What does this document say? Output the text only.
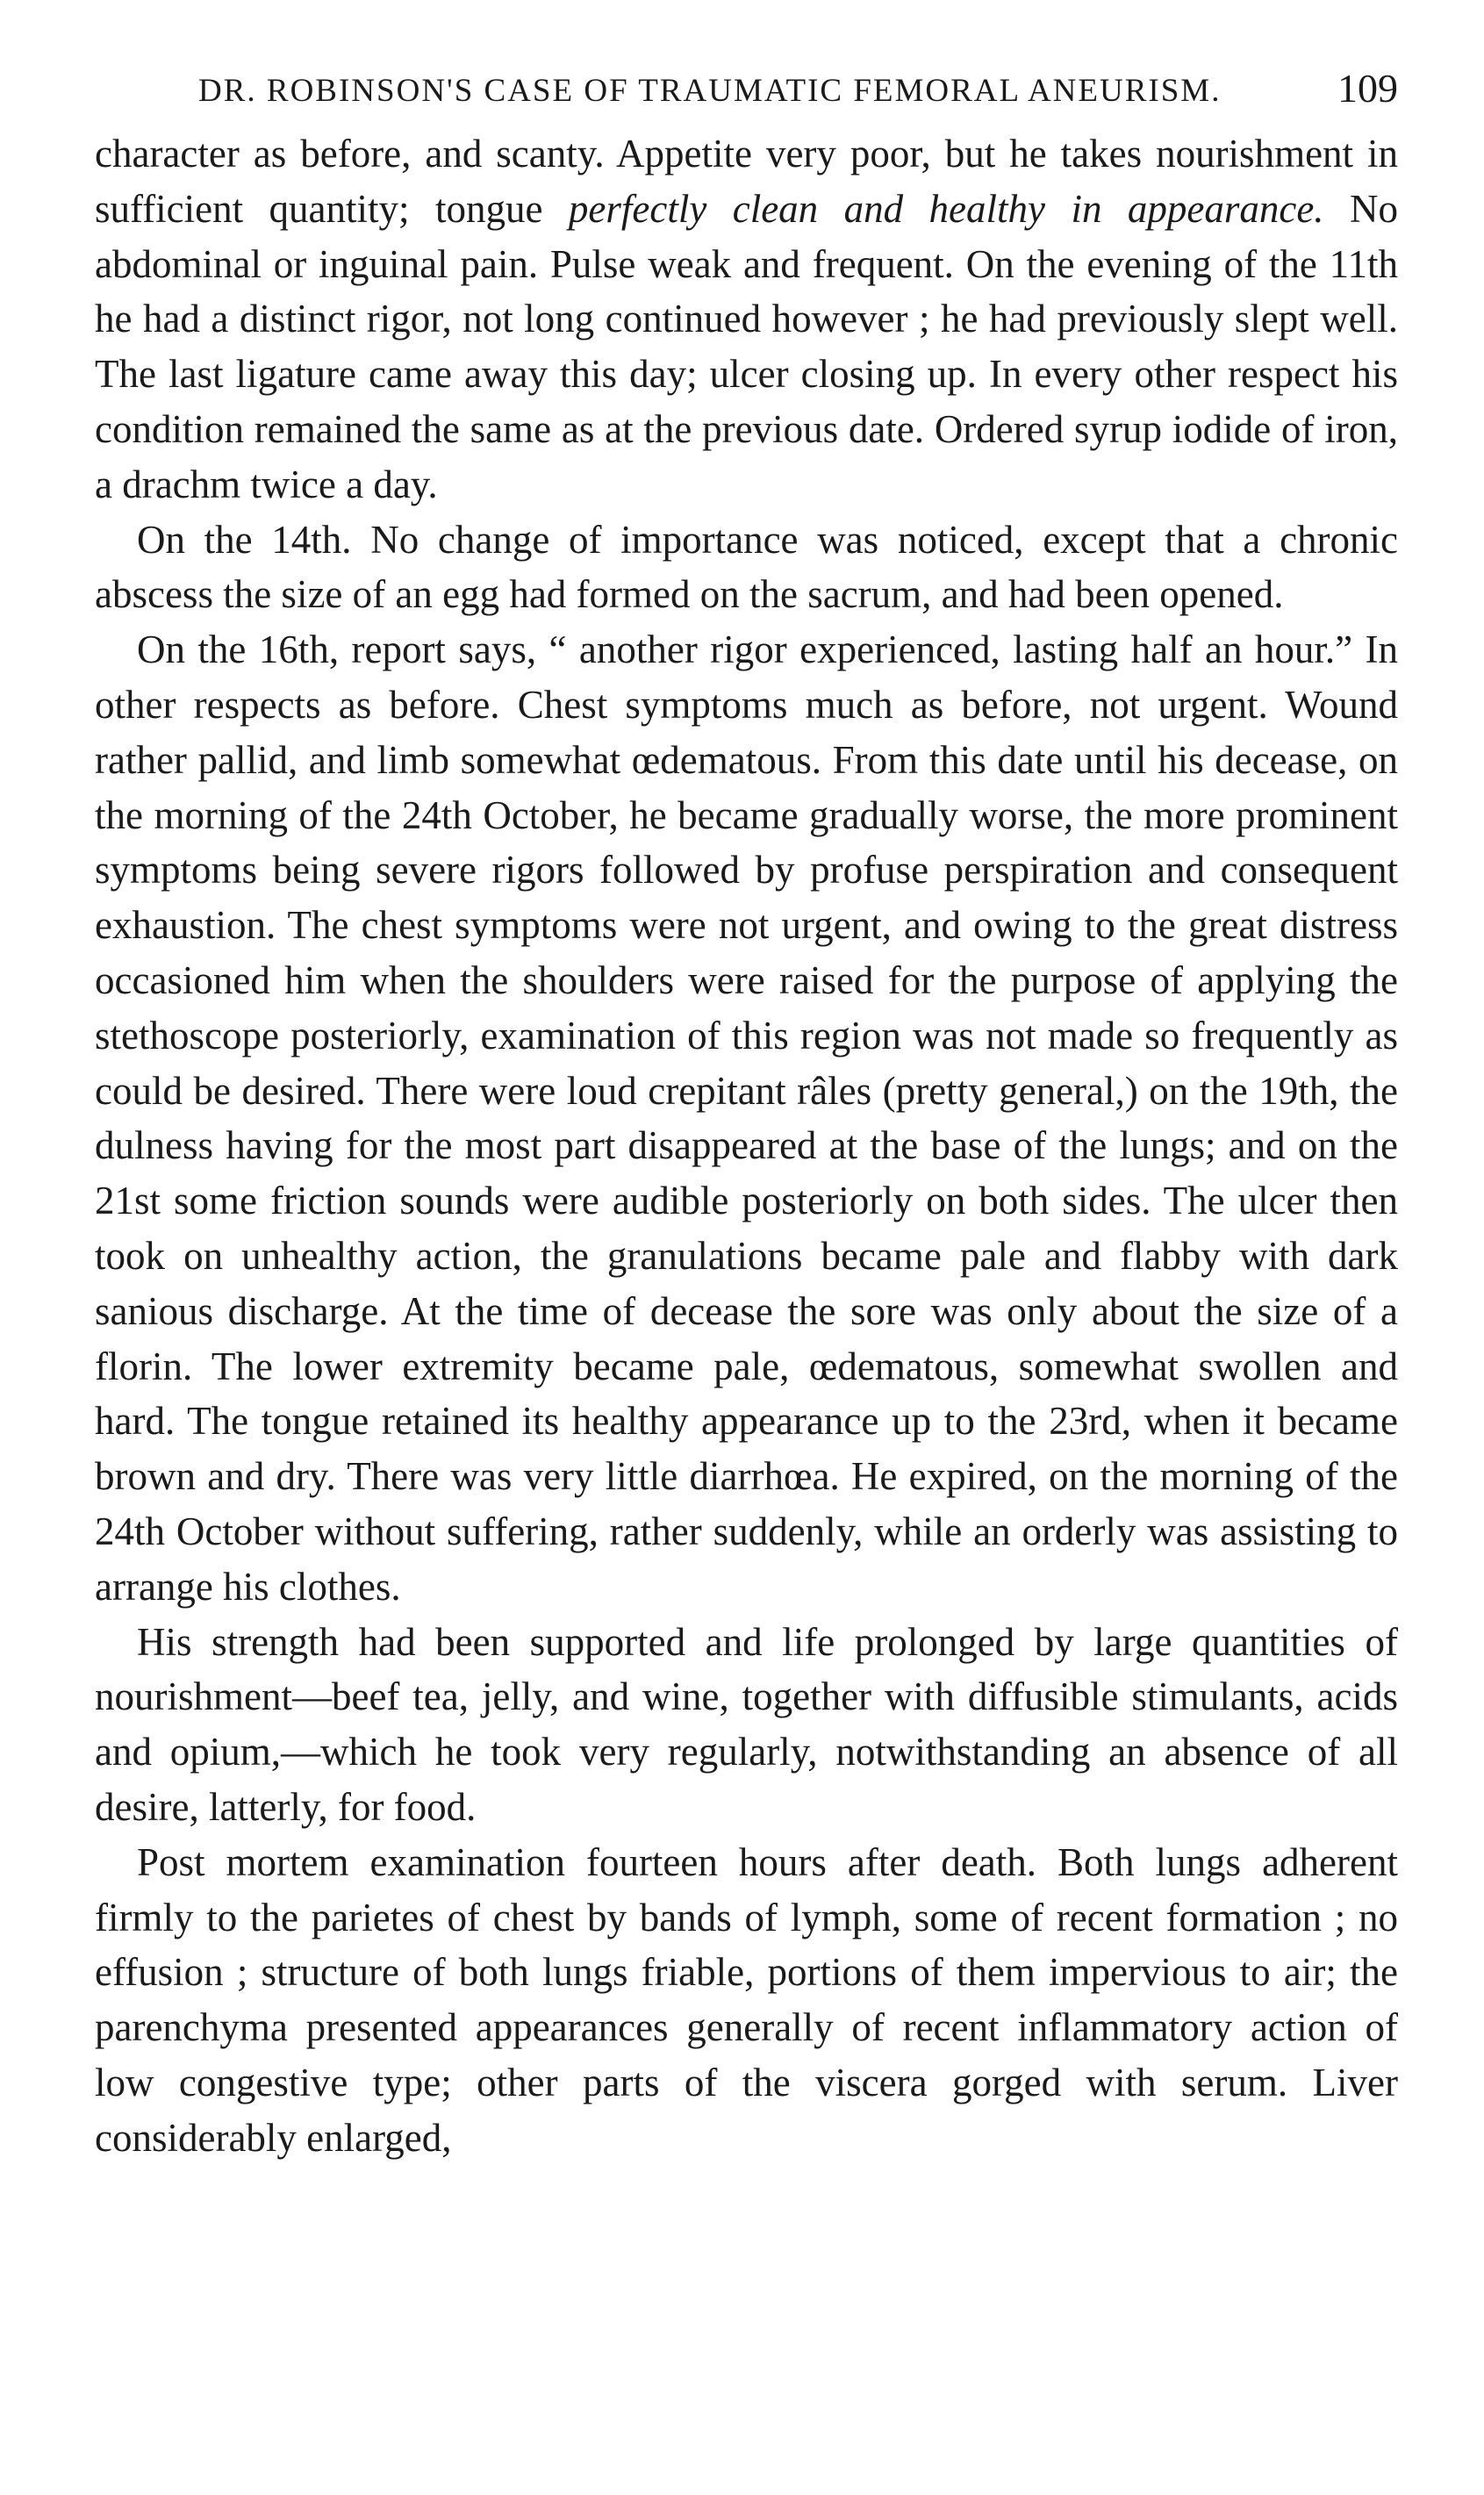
DR. ROBINSON'S CASE OF TRAUMATIC FEMORAL ANEURISM.	109

character as before, and scanty. Appetite very poor, but he takes nourishment in sufficient quantity; tongue perfectly clean and healthy in appearance. No abdominal or inguinal pain. Pulse weak and frequent. On the evening of the 11th he had a distinct rigor, not long continued however ; he had previously slept well. The last ligature came away this day; ulcer closing up. In every other respect his condition remained the same as at the previous date. Ordered syrup iodide of iron, a drachm twice a day.

On the 14th. No change of importance was noticed, except that a chronic abscess the size of an egg had formed on the sacrum, and had been opened.

On the 16th, report says, “ another rigor experienced, lasting half an hour.” In other respects as before. Chest symptoms much as before, not urgent. Wound rather pallid, and limb somewhat œdematous. From this date until his decease, on the morning of the 24th October, he became gradually worse, the more prominent symptoms being severe rigors followed by profuse perspiration and consequent exhaustion. The chest symptoms were not urgent, and owing to the great distress occasioned him when the shoulders were raised for the purpose of applying the stethoscope posteriorly, examination of this region was not made so frequently as could be desired. There were loud crepitant râles (pretty general,) on the 19th, the dulness having for the most part disappeared at the base of the lungs; and on the 21st some friction sounds were audible posteriorly on both sides. The ulcer then took on unhealthy action, the granulations became pale and flabby with dark sanious discharge. At the time of decease the sore was only about the size of a florin. The lower extremity became pale, œdematous, somewhat swollen and hard. The tongue retained its healthy appearance up to the 23rd, when it became brown and dry. There was very little diarrhœa. He expired, on the morning of the 24th October without suffering, rather suddenly, while an orderly was assisting to arrange his clothes.

His strength had been supported and life prolonged by large quantities of nourishment—beef tea, jelly, and wine, together with diffusible stimulants, acids and opium,—which he took very regularly, notwithstanding an absence of all desire, latterly, for food.

Post mortem examination fourteen hours after death. Both lungs adherent firmly to the parietes of chest by bands of lymph, some of recent formation ; no effusion ; structure of both lungs friable, portions of them impervious to air; the parenchyma presented appearances generally of recent inflammatory action of low congestive type; other parts of the viscera gorged with serum. Liver considerably enlarged,
